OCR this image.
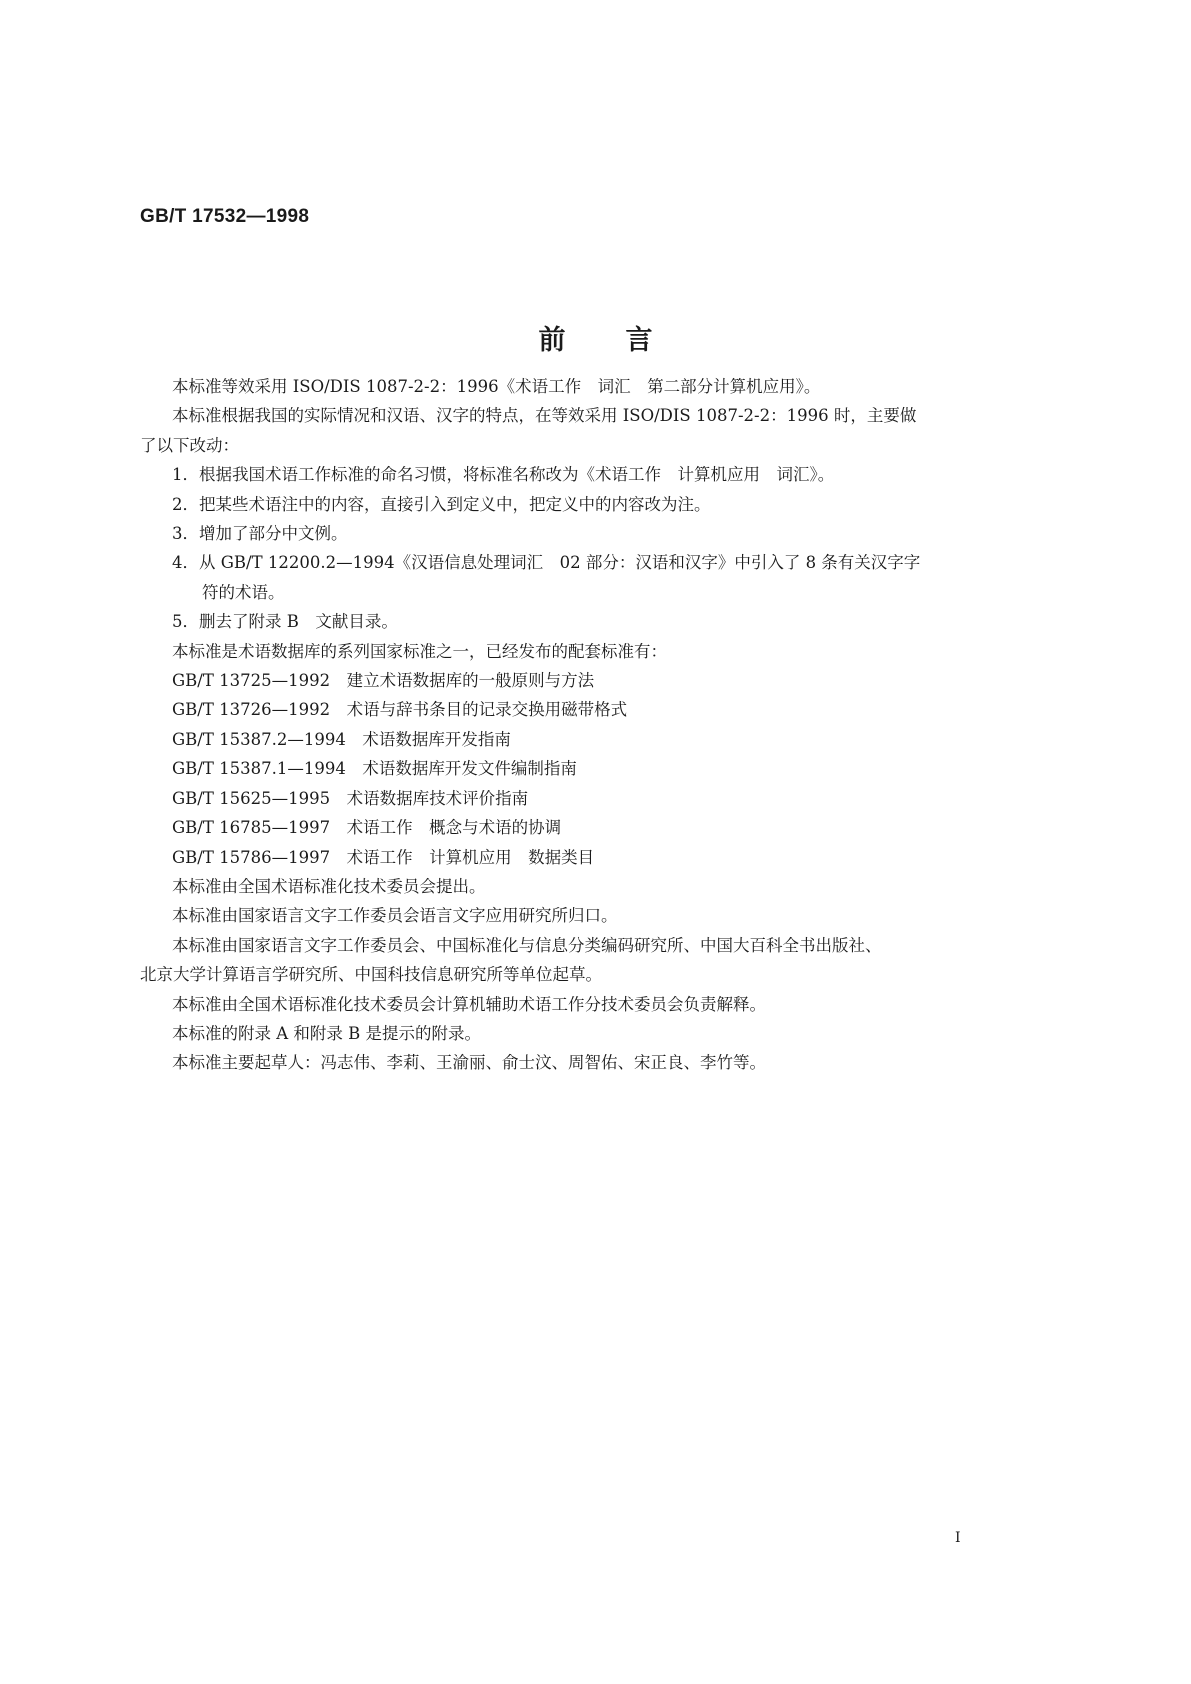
GB/T 17532—1998
前言
本标准等效采用 ISO/DIS 1087-2-2：1996《术语工作　词汇　第二部分计算机应用》。
本标准根据我国的实际情况和汉语、汉字的特点，在等效采用 ISO/DIS 1087-2-2：1996 时，主要做
了以下改动：
1．根据我国术语工作标准的命名习惯，将标准名称改为《术语工作　计算机应用　词汇》。
2．把某些术语注中的内容，直接引入到定义中，把定义中的内容改为注。
3．增加了部分中文例。
4．从 GB/T 12200.2—1994《汉语信息处理词汇　02 部分：汉语和汉字》中引入了 8 条有关汉字字
符的术语。
5．删去了附录 B　文献目录。
本标准是术语数据库的系列国家标准之一，已经发布的配套标准有：
GB/T 13725—1992　建立术语数据库的一般原则与方法
GB/T 13726—1992　术语与辞书条目的记录交换用磁带格式
GB/T 15387.2—1994　术语数据库开发指南
GB/T 15387.1—1994　术语数据库开发文件编制指南
GB/T 15625—1995　术语数据库技术评价指南
GB/T 16785—1997　术语工作　概念与术语的协调
GB/T 15786—1997　术语工作　计算机应用　数据类目
本标准由全国术语标准化技术委员会提出。
本标准由国家语言文字工作委员会语言文字应用研究所归口。
本标准由国家语言文字工作委员会、中国标准化与信息分类编码研究所、中国大百科全书出版社、
北京大学计算语言学研究所、中国科技信息研究所等单位起草。
本标准由全国术语标准化技术委员会计算机辅助术语工作分技术委员会负责解释。
本标准的附录 A 和附录 B 是提示的附录。
本标准主要起草人：冯志伟、李莉、王渝丽、俞士汶、周智佑、宋正良、李竹等。
I
